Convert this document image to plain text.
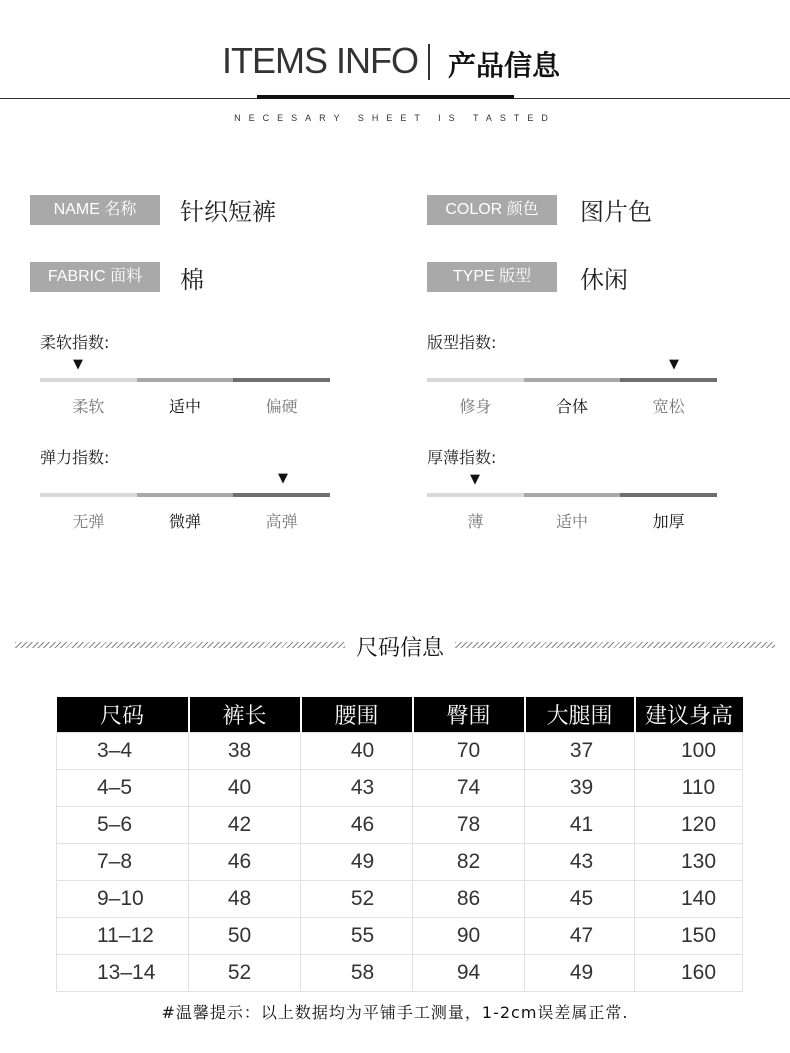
ITEMS INFO 产品信息
NECESARY SHEET IS TASTED
NAME 名称	针织短裤	COLOR 颜色	图片色
FABRIC 面料	棉	TYPE 版型	休闲
柔软指数:
▼
柔软	适中	偏硬
版型指数:
▼
修身	合体	宽松
弹力指数:
▼
无弹	微弹	高弹
厚薄指数:
▼
薄	适中	加厚
尺码信息
尺码	裤长	腰围	臀围	大腿围	建议身高
3–4	38	40	70	37	100
4–5	40	43	74	39	110
5–6	42	46	78	41	120
7–8	46	49	82	43	130
9–10	48	52	86	45	140
11–12	50	55	90	47	150
13–14	52	58	94	49	160
#温馨提示：以上数据均为平铺手工测量，1-2cm误差属正常.
